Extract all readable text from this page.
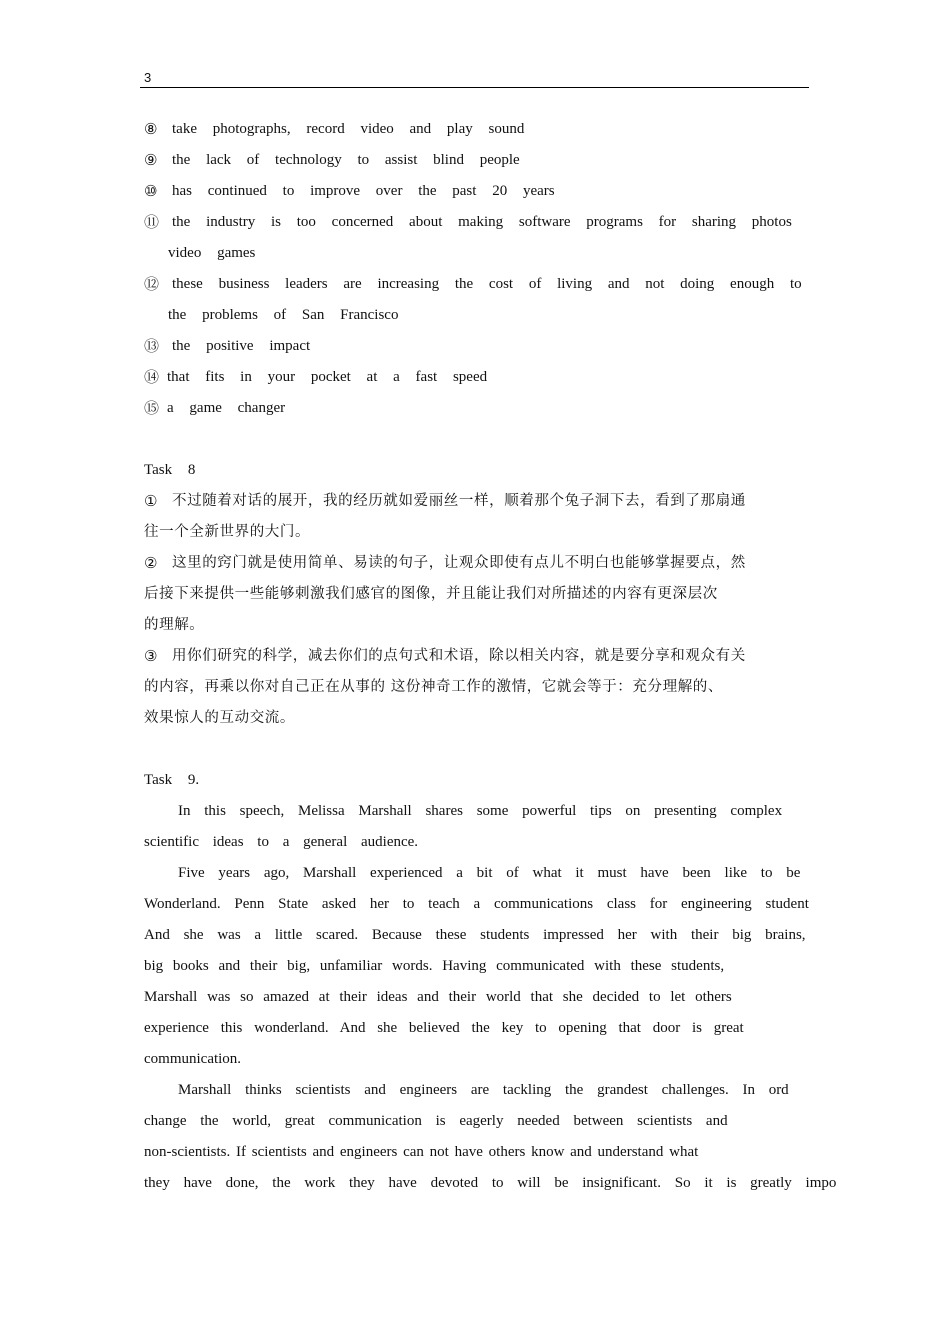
3
⑧ take photographs, record video and play sound
⑨ the lack of technology to assist blind people
⑩ has continued to improve over the past 20 years
⑪ the industry is too concerned about making software programs for sharing photos
video games
⑫ these business leaders are increasing the cost of living and not doing enough to
the problems of San Francisco
⑬ the positive impact
⑭ that fits in your pocket at a fast speed
⑮ a game changer
Task 8
①	不过随着对话的展开，我的经历就如爱丽丝一样，顺着那个兔子洞下去，看到了那扇通
往一个全新世界的大门。
②	这里的窍门就是使用简单、易读的句子，让观众即使有点儿不明白也能够掌握要点，然
后接下来提供一些能够刺激我们感官的图像，并且能让我们对所描述的内容有更深层次
的理解。
③	用你们研究的科学，减去你们的点句式和术语，除以相关内容，就是要分享和观众有关
的内容，再乘以你对自己正在从事的 这份神奇工作的激情，它就会等于：充分理解的、
效果惊人的互动交流。
Task 9.
In this speech, Melissa Marshall shares some powerful tips on presenting complex
scientific ideas to a general audience.
Five years ago, Marshall experienced a bit of what it must have been like to be
Wonderland. Penn State asked her to teach a communications class for engineering student
And she was a little scared. Because these students impressed her with their big brains,
big books and their big, unfamiliar words. Having communicated with these students,
Marshall was so amazed at their ideas and their world that she decided to let others
experience this wonderland. And she believed the key to opening that door is great
communication.
Marshall thinks scientists and engineers are tackling the grandest challenges. In ord
change the world, great communication is eagerly needed between scientists and
non-scientists. If scientists and engineers can not have others know and understand what
they have done, the work they have devoted to will be insignificant. So it is greatly impo
